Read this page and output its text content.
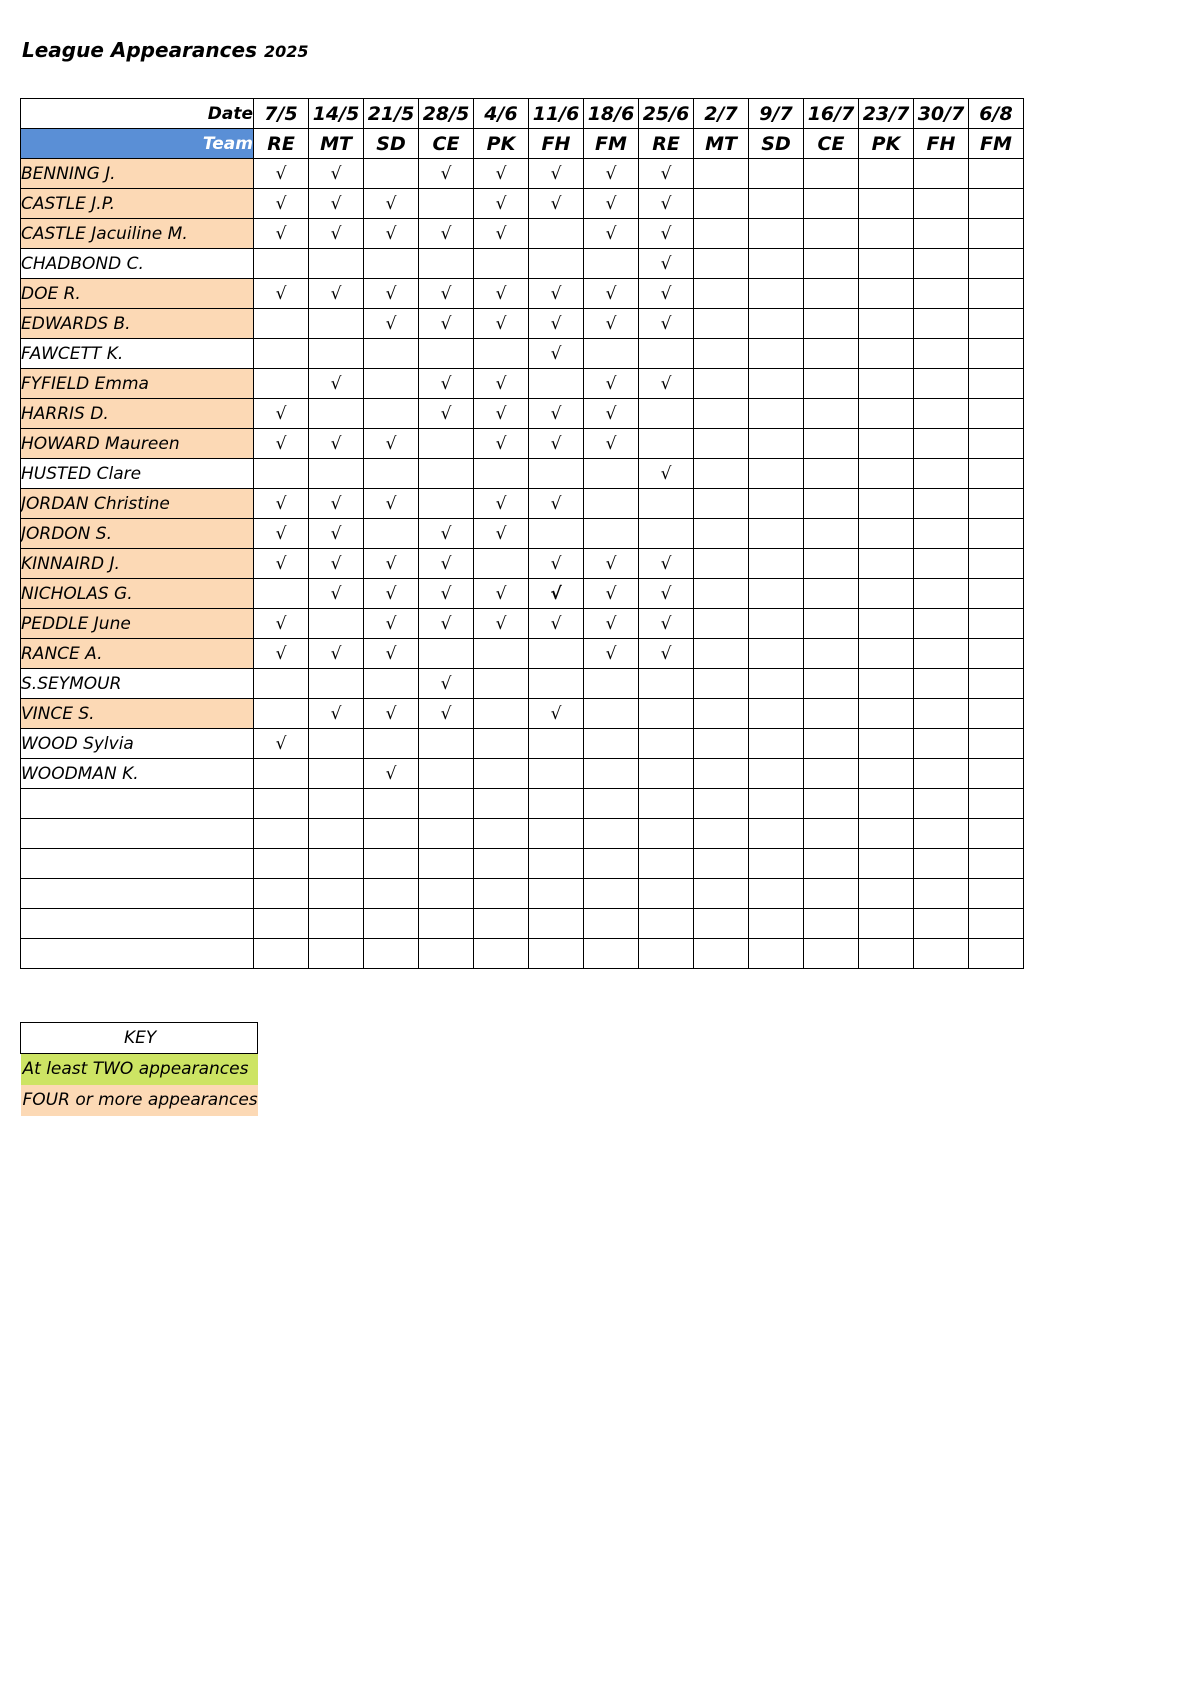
League Appearances 2025
Date	7/5	14/5	21/5	28/5	4/6	11/6	18/6	25/6	2/7	9/7	16/7	23/7	30/7	6/8
Team	RE	MT	SD	CE	PK	FH	FM	RE	MT	SD	CE	PK	FH	FM
BENNING J.	√	√		√	√	√	√	√						
CASTLE J.P.	√	√	√		√	√	√	√						
CASTLE Jacuiline M.	√	√	√	√	√		√	√						
CHADBOND C.								√						
DOE R.	√	√	√	√	√	√	√	√						
EDWARDS B.			√	√	√	√	√	√						
FAWCETT K.						√								
FYFIELD Emma		√		√	√		√	√						
HARRIS D.	√			√	√	√	√							
HOWARD Maureen	√	√	√		√	√	√							
HUSTED Clare								√						
JORDAN Christine	√	√	√		√	√								
JORDON S.	√	√		√	√									
KINNAIRD J.	√	√	√	√		√	√	√						
NICHOLAS G.		√	√	√	√	√	√	√						
PEDDLE June	√		√	√	√	√	√	√						
RANCE A.	√	√	√				√	√						
S.SEYMOUR				√										
VINCE S.		√	√	√		√								
WOOD Sylvia	√													
WOODMAN K.			√											

KEY
At least TWO appearances
FOUR or more appearances
